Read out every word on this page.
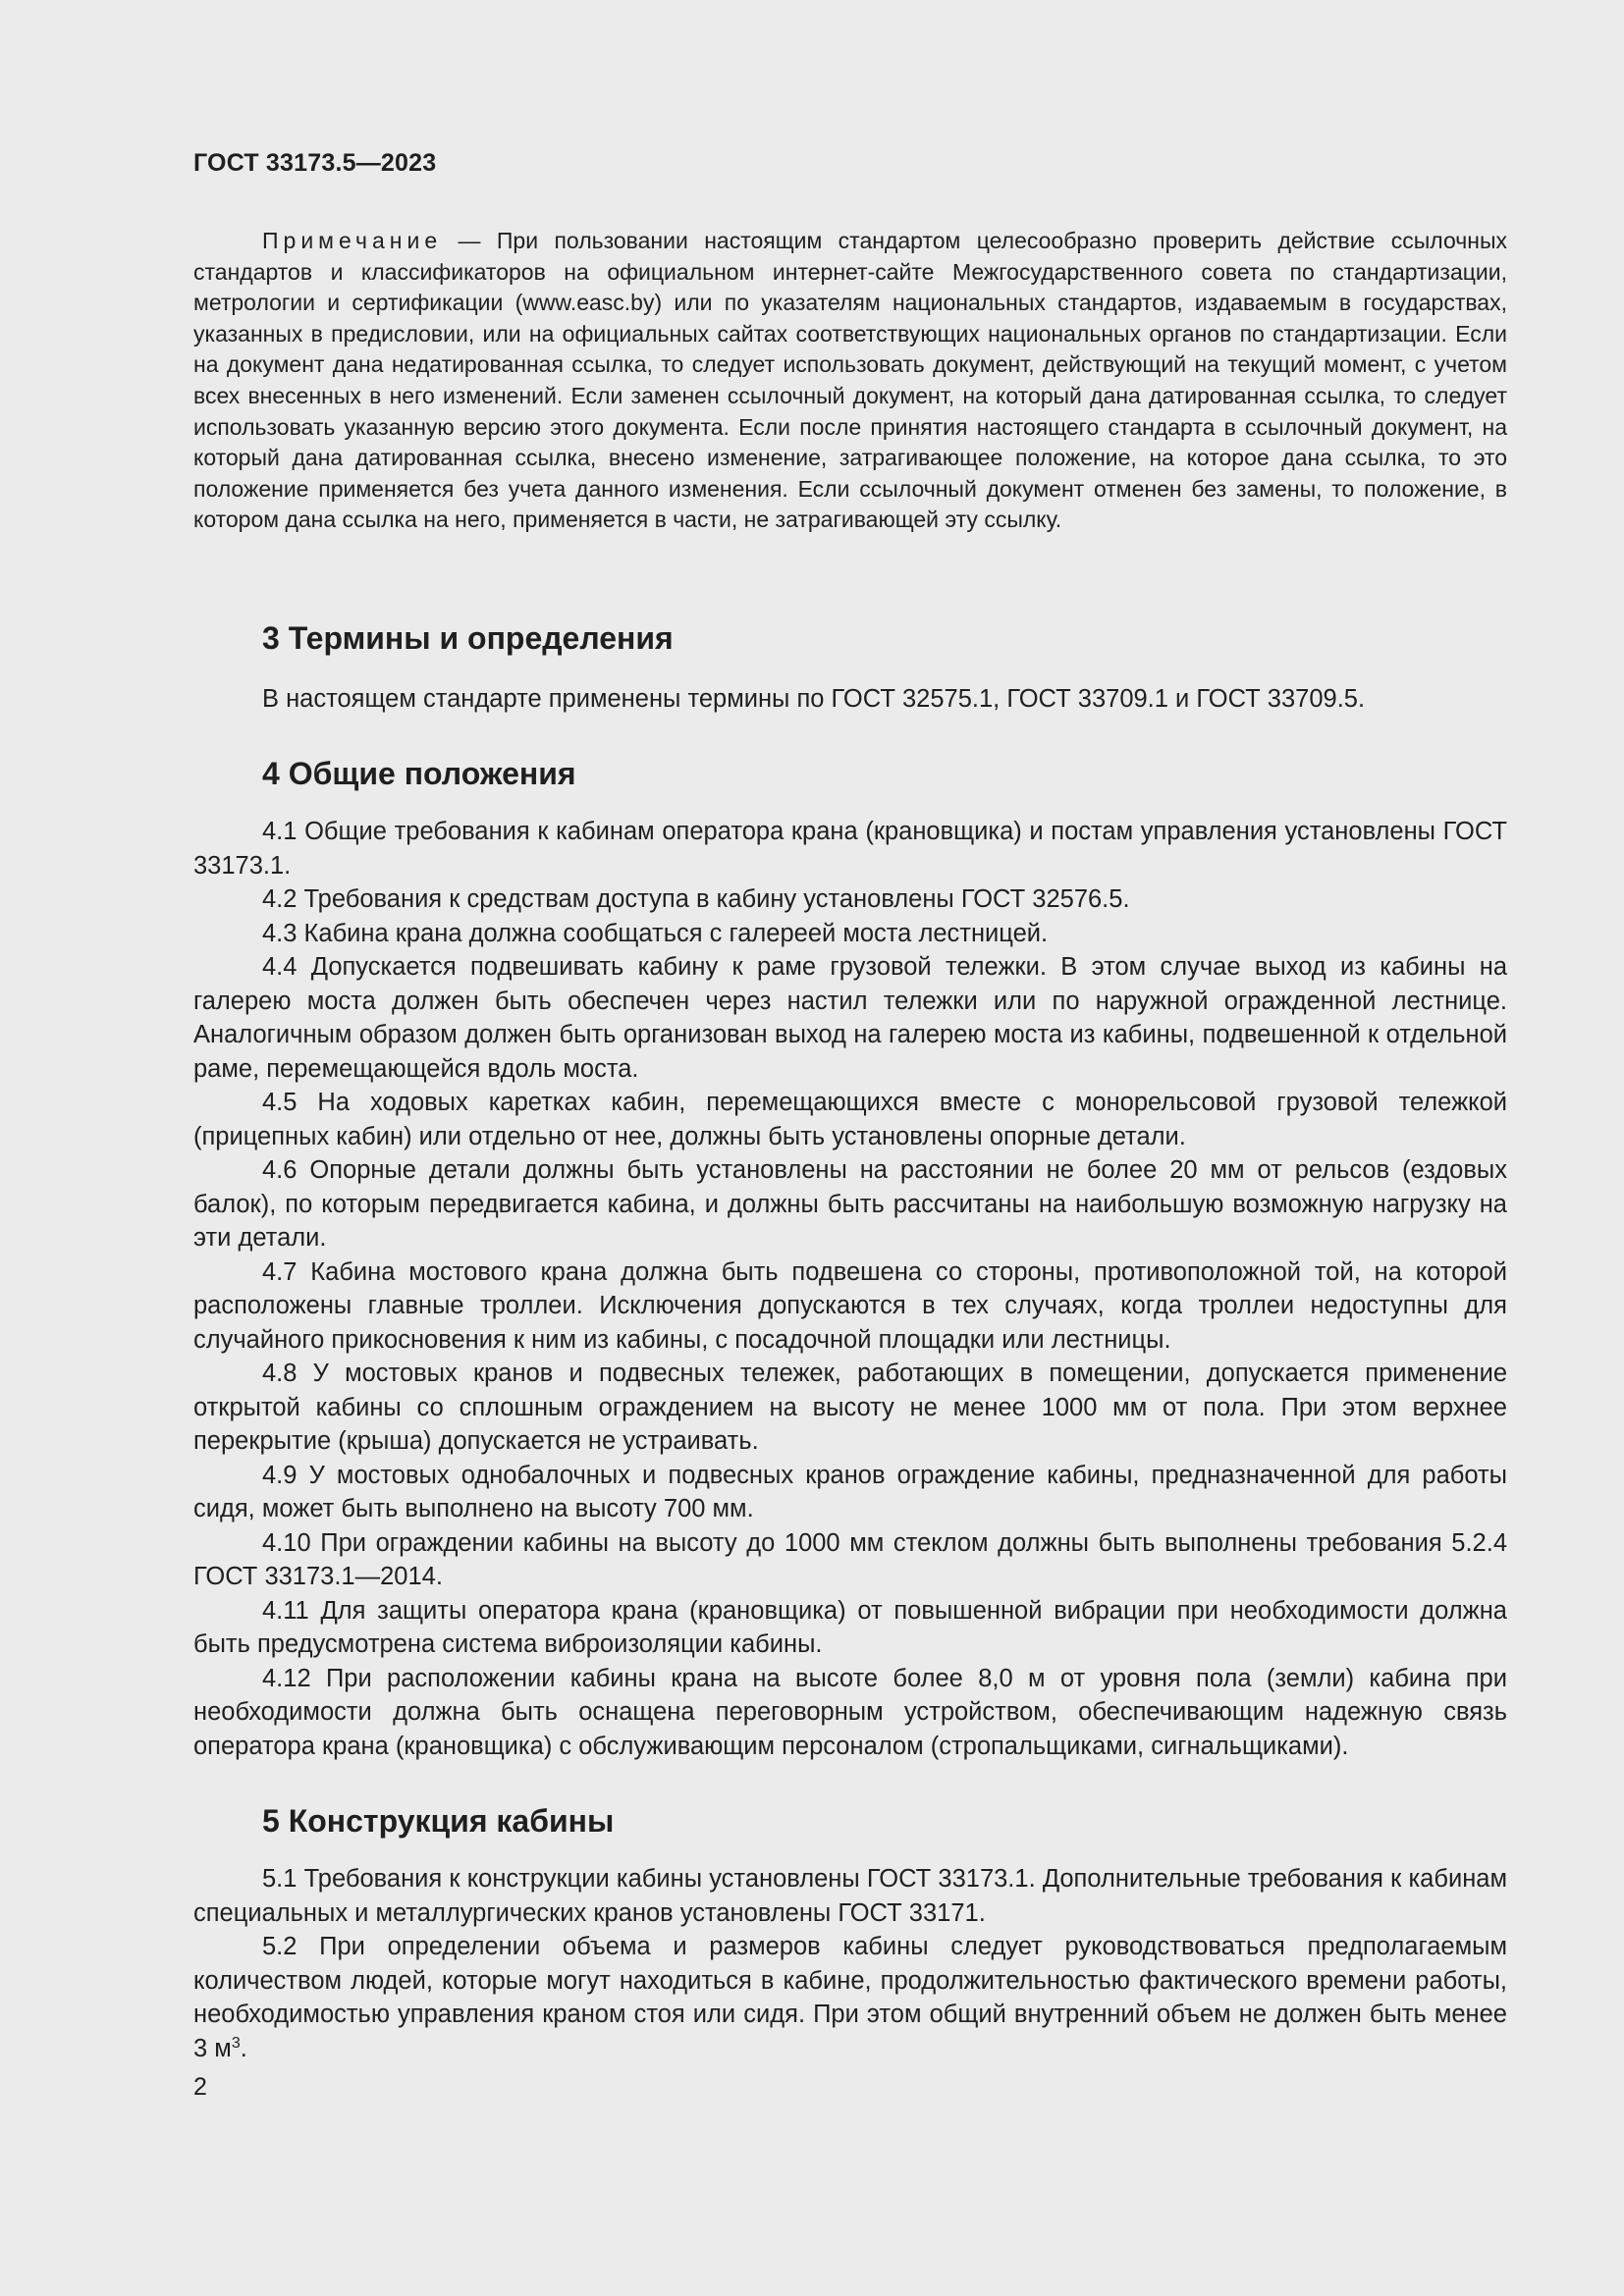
ГОСТ 33173.5—2023
Примечание — При пользовании настоящим стандартом целесообразно проверить действие ссылочных стандартов и классификаторов на официальном интернет-сайте Межгосударственного совета по стандартизации, метрологии и сертификации (www.easc.by) или по указателям национальных стандартов, издаваемым в государствах, указанных в предисловии, или на официальных сайтах соответствующих национальных органов по стандартизации. Если на документ дана недатированная ссылка, то следует использовать документ, действующий на текущий момент, с учетом всех внесенных в него изменений. Если заменен ссылочный документ, на который дана датированная ссылка, то следует использовать указанную версию этого документа. Если после принятия настоящего стандарта в ссылочный документ, на который дана датированная ссылка, внесено изменение, затрагивающее положение, на которое дана ссылка, то это положение применяется без учета данного изменения. Если ссылочный документ отменен без замены, то положение, в котором дана ссылка на него, применяется в части, не затрагивающей эту ссылку.
3 Термины и определения

В настоящем стандарте применены термины по ГОСТ 32575.1, ГОСТ 33709.1 и ГОСТ 33709.5.

4 Общие положения

4.1 Общие требования к кабинам оператора крана (крановщика) и постам управления установлены ГОСТ 33173.1.

4.2 Требования к средствам доступа в кабину установлены ГОСТ 32576.5.

4.3 Кабина крана должна сообщаться с галереей моста лестницей.

4.4 Допускается подвешивать кабину к раме грузовой тележки. В этом случае выход из кабины на галерею моста должен быть обеспечен через настил тележки или по наружной огражденной лестнице. Аналогичным образом должен быть организован выход на галерею моста из кабины, подвешенной к отдельной раме, перемещающейся вдоль моста.

4.5 На ходовых каретках кабин, перемещающихся вместе с монорельсовой грузовой тележкой (прицепных кабин) или отдельно от нее, должны быть установлены опорные детали.

4.6 Опорные детали должны быть установлены на расстоянии не более 20 мм от рельсов (ездовых балок), по которым передвигается кабина, и должны быть рассчитаны на наибольшую возможную нагрузку на эти детали.

4.7 Кабина мостового крана должна быть подвешена со стороны, противоположной той, на которой расположены главные троллеи. Исключения допускаются в тех случаях, когда троллеи недоступны для случайного прикосновения к ним из кабины, с посадочной площадки или лестницы.

4.8 У мостовых кранов и подвесных тележек, работающих в помещении, допускается применение открытой кабины со сплошным ограждением на высоту не менее 1000 мм от пола. При этом верхнее перекрытие (крыша) допускается не устраивать.

4.9 У мостовых однобалочных и подвесных кранов ограждение кабины, предназначенной для работы сидя, может быть выполнено на высоту 700 мм.

4.10 При ограждении кабины на высоту до 1000 мм стеклом должны быть выполнены требования 5.2.4 ГОСТ 33173.1—2014.

4.11 Для защиты оператора крана (крановщика) от повышенной вибрации при необходимости должна быть предусмотрена система виброизоляции кабины.

4.12 При расположении кабины крана на высоте более 8,0 м от уровня пола (земли) кабина при необходимости должна быть оснащена переговорным устройством, обеспечивающим надежную связь оператора крана (крановщика) с обслуживающим персоналом (стропальщиками, сигнальщиками).

5 Конструкция кабины

5.1 Требования к конструкции кабины установлены ГОСТ 33173.1. Дополнительные требования к кабинам специальных и металлургических кранов установлены ГОСТ 33171.

5.2 При определении объема и размеров кабины следует руководствоваться предполагаемым количеством людей, которые могут находиться в кабине, продолжительностью фактического времени работы, необходимостью управления краном стоя или сидя. При этом общий внутренний объем не должен быть менее 3 $м^3$.

2
